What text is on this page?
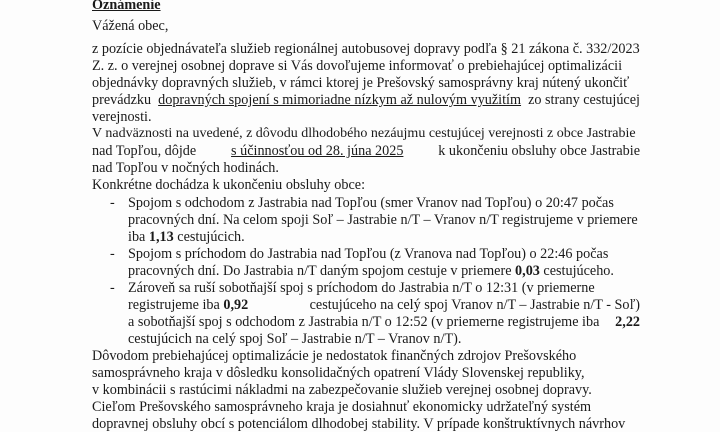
Oznámenie
Vážená obec,
z pozície objednávateľa služieb regionálnej autobusovej dopravy podľa § 21 zákona č. 332/2023
Z. z. o verejnej osobnej doprave si Vás dovoľujeme informovať o prebiehajúcej optimalizácii
objednávky dopravných služieb, v rámci ktorej je Prešovský samosprávny kraj nútený ukončiť
prevádzku dopravných spojení s mimoriadne nízkym až nulovým využitím zo strany cestujúcej
verejnosti.
V nadväznosti na uvedené, z dôvodu dlhodobého nezáujmu cestujúcej verejnosti z obce Jastrabie
nad Topľou, dôjde s účinnosťou od 28. júna 2025 k ukončeniu obsluhy obce Jastrabie
nad Topľou v nočných hodinách.
Konkrétne dochádza k ukončeniu obsluhy obce:
- Spojom s odchodom z Jastrabia nad Topľou (smer Vranov nad Topľou) o 20:47 počas
pracovných dní. Na celom spoji Soľ – Jastrabie n/T – Vranov n/T registrujeme v priemere
iba 1,13 cestujúcich.
- Spojom s príchodom do Jastrabia nad Topľou (z Vranova nad Topľou) o 22:46 počas
pracovných dní. Do Jastrabia n/T daným spojom cestuje v priemere 0,03 cestujúceho.
- Zároveň sa ruší sobotňajší spoj s príchodom do Jastrabia n/T o 12:31 (v priemerne
registrujeme iba 0,92	cestujúceho na celý spoj Vranov n/T – Jastrabie n/T - Soľ)
a sobotňajší spoj s odchodom z Jastrabia n/T o 12:52 (v priemerne registrujeme iba 2,22
cestujúcich na celý spoj Soľ – Jastrabie n/T – Vranov n/T).
Dôvodom prebiehajúcej optimalizácie je nedostatok finančných zdrojov Prešovského
samosprávneho kraja v dôsledku konsolidačných opatrení Vlády Slovenskej republiky,
v kombinácii s rastúcimi nákladmi na zabezpečovanie služieb verejnej osobnej dopravy.
Cieľom Prešovského samosprávneho kraja je dosiahnuť ekonomicky udržateľný systém
dopravnej obsluhy obcí s potenciálom dlhodobej stability. V prípade konštruktívnych návrhov
